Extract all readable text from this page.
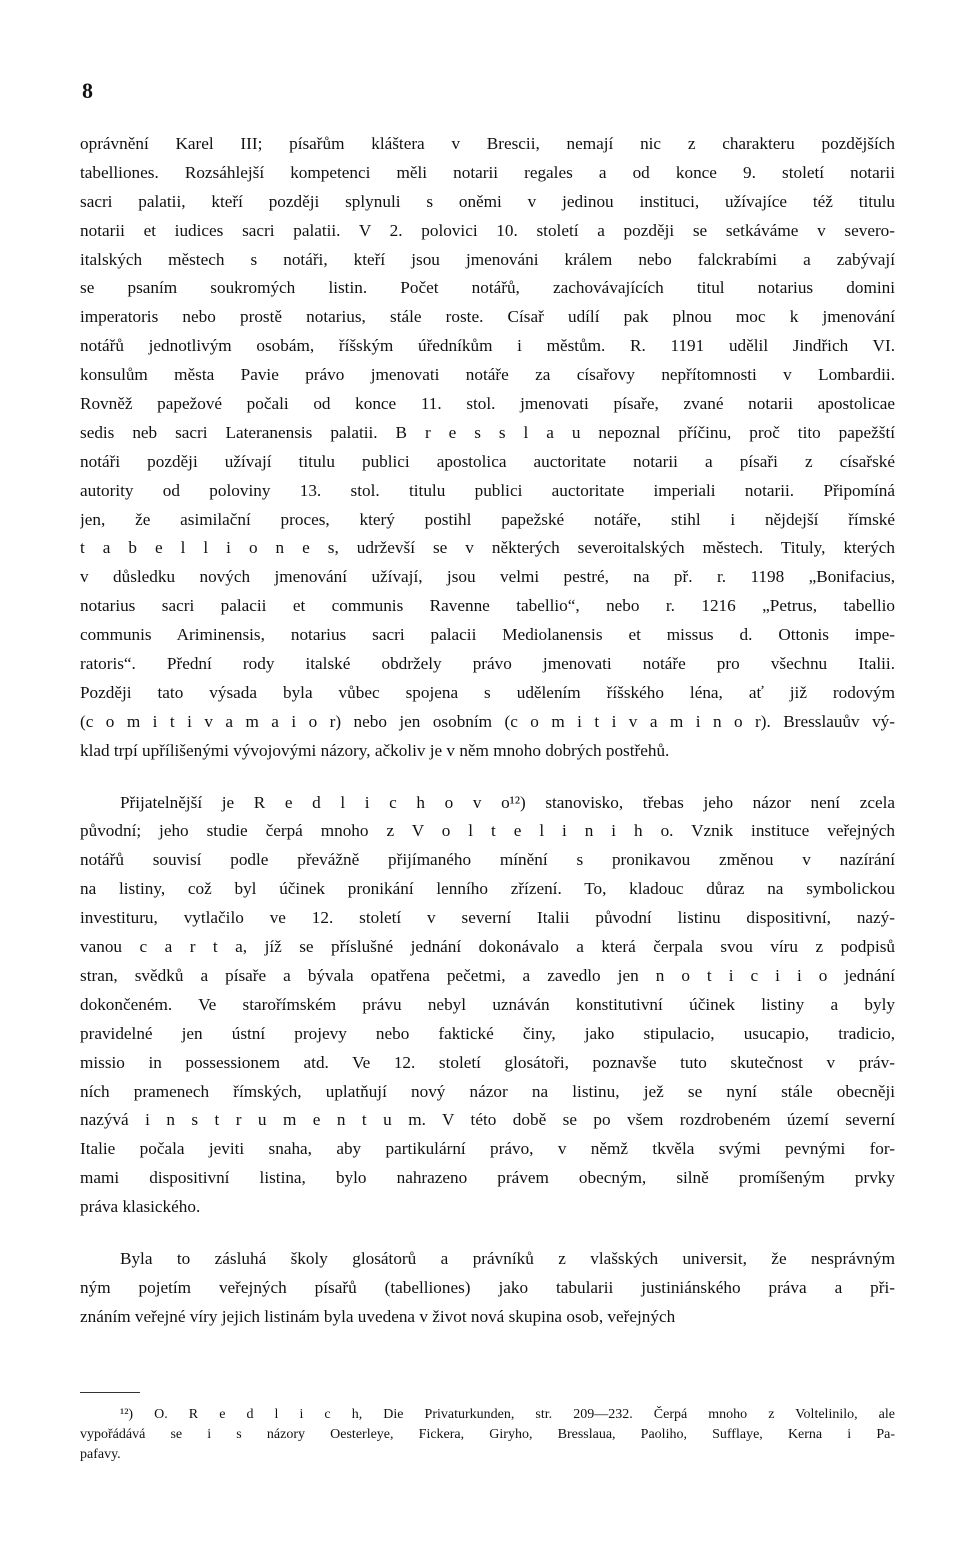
8
oprávnění Karel III; písařům kláštera v Brescii, nemají nic z charakteru pozdějších
tabelliones. Rozsáhlejší kompetenci měli notarii regales a od konce 9. století notarii
sacri palatii, kteří později splynuli s oněmi v jedinou instituci, užívajíce též titulu
notarii et iudices sacri palatii. V 2. polovici 10. století a později se setkáváme v severo-
italských městech s notáři, kteří jsou jmenováni králem nebo falckrabími a zabývají
se psaním soukromých listin. Počet notářů, zachovávajících titul notarius domini
imperatoris nebo prostě notarius, stále roste. Císař udílí pak plnou moc k jmenování
notářů jednotlivým osobám, říšským úředníkům i městům. R. 1191 udělil Jindřich VI.
konsulům města Pavie právo jmenovati notáře za císařovy nepřítomnosti v Lombardii.
Rovněž papežové počali od konce 11. stol. jmenovati písaře, zvané notarii apostolicae
sedis neb sacri Lateranensis palatii. B r e s s l a u nepoznal příčinu, proč tito papežští
notáři později užívají titulu publici apostolica auctoritate notarii a písaři z císařské
autority od poloviny 13. stol. titulu publici auctoritate imperiali notarii. Připomíná
jen, že asimilační proces, který postihl papežské notáře, stihl i nějdejší římské
t a b e l l i o n e s, udrževší se v některých severoitalských městech. Tituly, kterých
v důsledku nových jmenování užívají, jsou velmi pestré, na př. r. 1198 „Bonifacius,
notarius sacri palacii et communis Ravenne tabellio“, nebo r. 1216 „Petrus, tabellio
communis Ariminensis, notarius sacri palacii Mediolanensis et missus d. Ottonis impe-
ratoris“. Přední rody italské obdržely právo jmenovati notáře pro všechnu Italii.
Později tato výsada byla vůbec spojena s udělením říšského léna, ať již rodovým
(c o m i t i v a m a i o r) nebo jen osobním (c o m i t i v a m i n o r). Bresslauův vý-
klad trpí upřílišenými vývojovými názory, ačkoliv je v něm mnoho dobrých postřehů.
Přijatelnější je R e d l i c h o v o¹²) stanovisko, třebas jeho názor není zcela
původní; jeho studie čerpá mnoho z V o l t e l i n i h o. Vznik instituce veřejných
notářů souvisí podle převážně přijímaného mínění s pronikavou změnou v nazírání
na listiny, což byl účinek pronikání lenního zřízení. To, kladouc důraz na symbolickou
investituru, vytlačilo ve 12. století v severní Italii původní listinu dispositivní, nazý-
vanou c a r t a, jíž se příslušné jednání dokonávalo a která čerpala svou víru z podpisů
stran, svědků a písaře a bývala opatřena pečetmi, a zavedlo jen n o t i c i i o jednání
dokončeném. Ve starořímském právu nebyl uznáván konstitutivní účinek listiny a byly
pravidelné jen ústní projevy nebo faktické činy, jako stipulacio, usucapio, tradicio,
missio in possessionem atd. Ve 12. století glosátoři, poznavše tuto skutečnost v práv-
ních pramenech římských, uplatňují nový názor na listinu, jež se nyní stále obecněji
nazývá i n s t r u m e n t u m. V této době se po všem rozdrobeném území severní
Italie počala jeviti snaha, aby partikulární právo, v němž tkvěla svými pevnými for-
mami dispositivní listina, bylo nahrazeno právem obecným, silně promíšeným prvky
práva klasického.
Byla to zásluhá školy glosátorů a právníků z vlašských universit, že nesprávným
ným pojetím veřejných písařů (tabelliones) jako tabularii justiniánského práva a při-
znáním veřejné víry jejich listinám byla uvedena v život nová skupina osob, veřejných
¹²) O. R e d l i c h, Die Privaturkunden, str. 209—232. Čerpá mnoho z Voltelinilo, ale
vypořádává se i s názory Oesterleye, Fickera, Giryho, Bresslaua, Paoliho, Sufflaye, Kerna i Pa-
pafavy.
